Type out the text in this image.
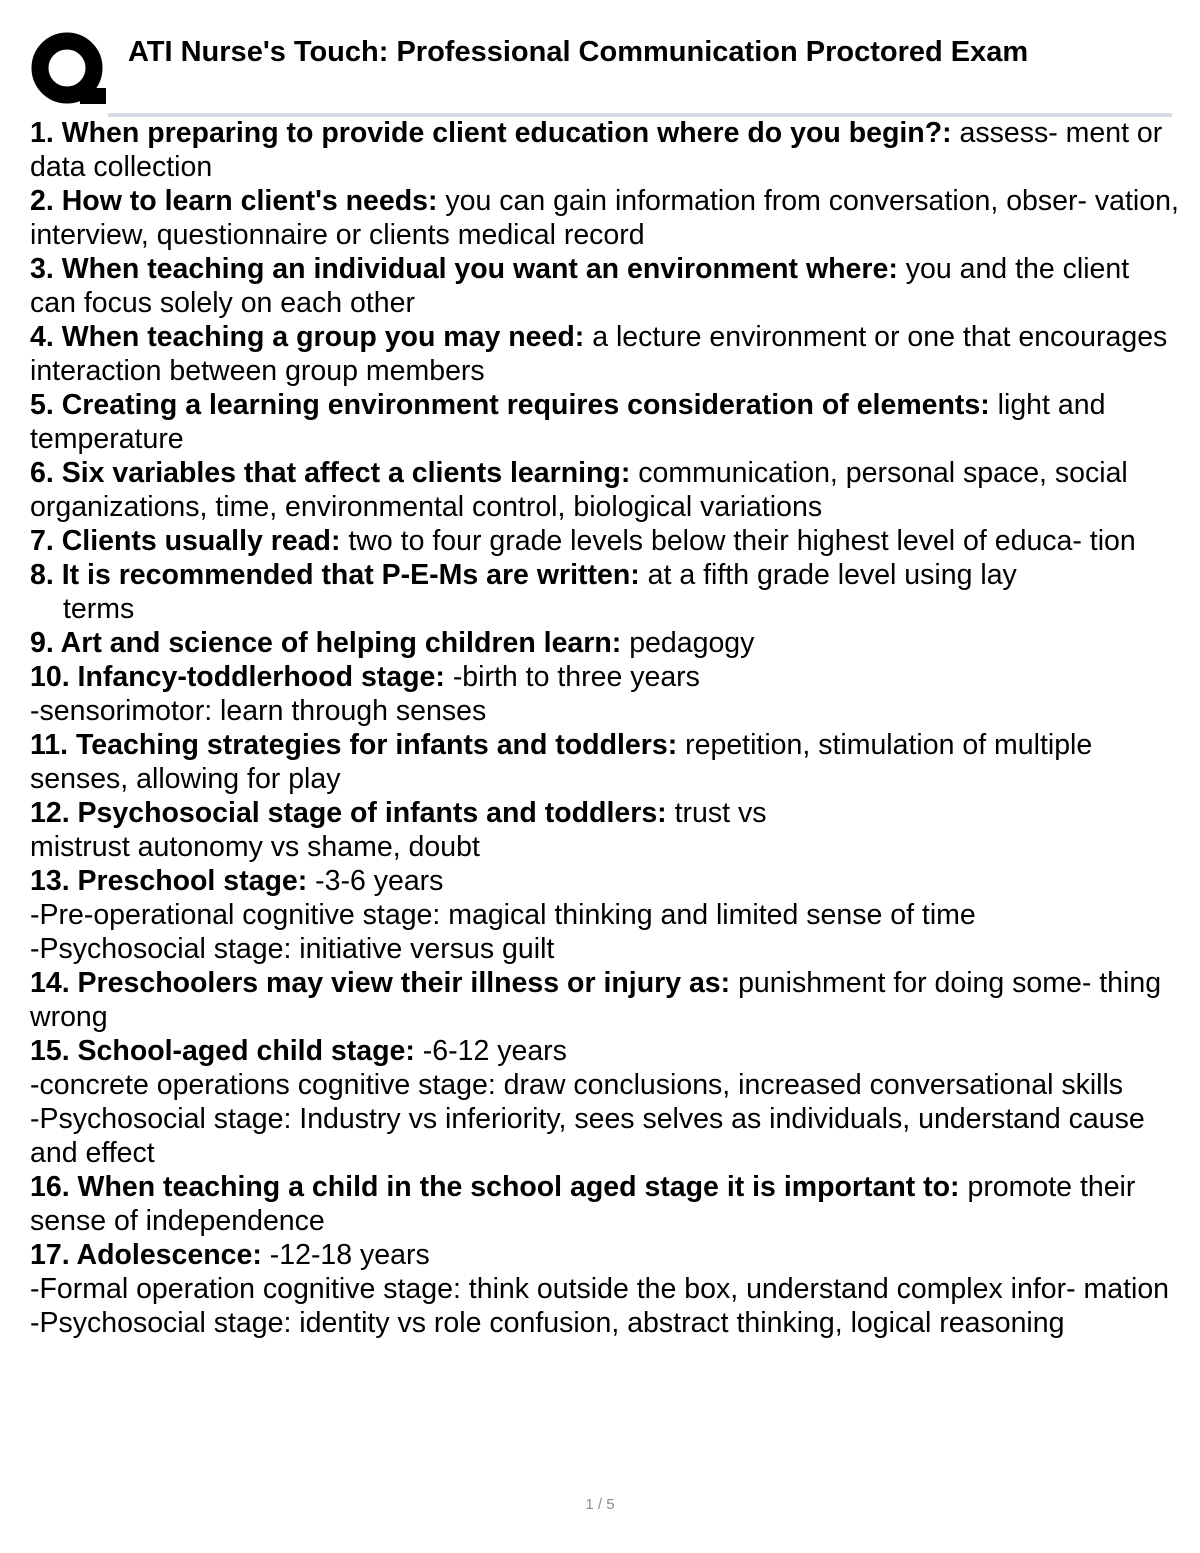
ATI Nurse's Touch: Professional Communication Proctored Exam

1. When preparing to provide client education where do you begin?: assess- ment or data collection

2. How to learn client's needs: you can gain information from conversation, obser- vation, interview, questionnaire or clients medical record

3. When teaching an individual you want an environment where: you and the client can focus solely on each other

4. When teaching a group you may need: a lecture environment or one that encourages interaction between group members

5. Creating a learning environment requires consideration of elements: light and temperature

6. Six variables that affect a clients learning: communication, personal space, social organizations, time, environmental control, biological variations

7. Clients usually read: two to four grade levels below their highest level of educa- tion

8. It is recommended that P-E-Ms are written: at a fifth grade level using lay

terms

9. Art and science of helping children learn: pedagogy

10. Infancy-toddlerhood stage: -birth to three years

-sensorimotor: learn through senses

11. Teaching strategies for infants and toddlers: repetition, stimulation of multiple senses, allowing for play

12. Psychosocial stage of infants and toddlers: trust vs

mistrust autonomy vs shame, doubt

13. Preschool stage: -3-6 years

-Pre-operational cognitive stage: magical thinking and limited sense of time

-Psychosocial stage: initiative versus guilt

14. Preschoolers may view their illness or injury as: punishment for doing some- thing wrong

15. School-aged child stage: -6-12 years

-concrete operations cognitive stage: draw conclusions, increased conversational skills

-Psychosocial stage: Industry vs inferiority, sees selves as individuals, understand cause and effect

16. When teaching a child in the school aged stage it is important to: promote their sense of independence

17. Adolescence: -12-18 years

-Formal operation cognitive stage: think outside the box, understand complex infor- mation

-Psychosocial stage: identity vs role confusion, abstract thinking, logical reasoning

1 / 5
